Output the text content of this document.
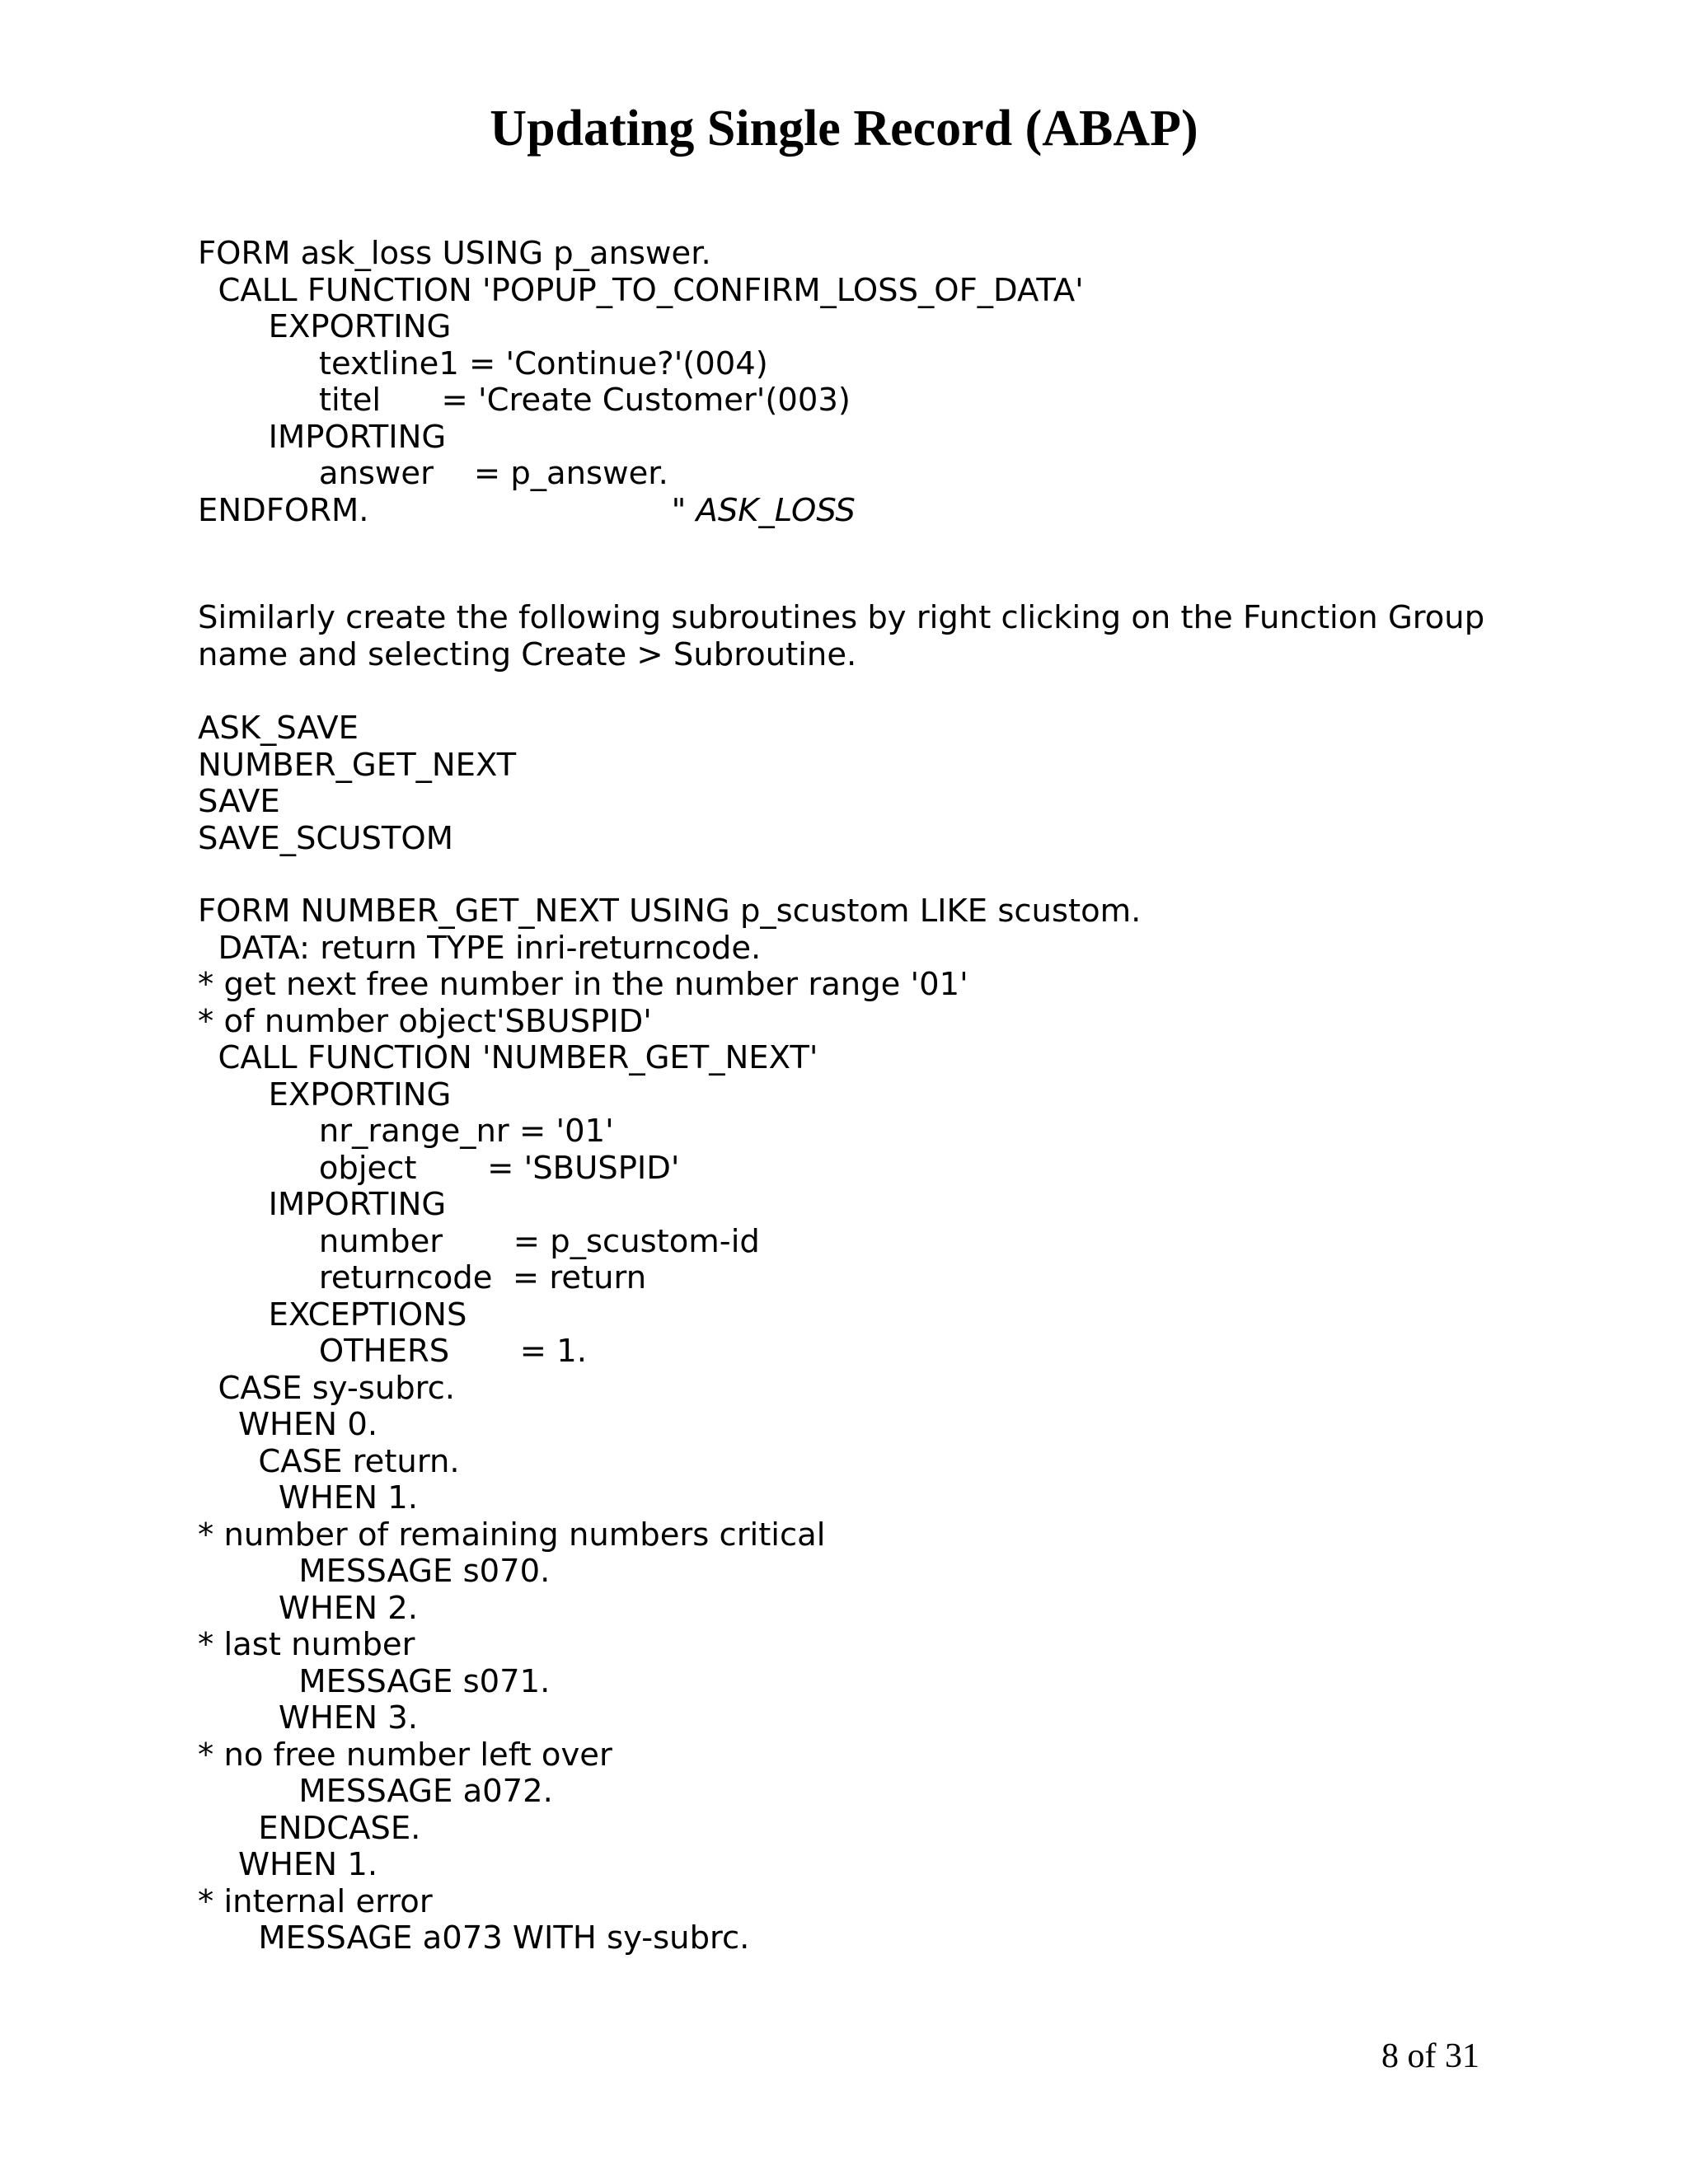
Updating Single Record (ABAP)
FORM ask_loss USING p_answer.
CALL FUNCTION 'POPUP_TO_CONFIRM_LOSS_OF_DATA'
EXPORTING
textline1 = 'Continue?'(004)
titel      = 'Create Customer'(003)
IMPORTING
answer    = p_answer.
ENDFORM.                              " ASK_LOSS
Similarly create the following subroutines by right clicking on the Function Group
name and selecting Create > Subroutine.
ASK_SAVE
NUMBER_GET_NEXT
SAVE
SAVE_SCUSTOM
FORM NUMBER_GET_NEXT USING p_scustom LIKE scustom.
DATA: return TYPE inri-returncode.
* get next free number in the number range '01'
* of number object'SBUSPID'
CALL FUNCTION 'NUMBER_GET_NEXT'
EXPORTING
nr_range_nr = '01'
object       = 'SBUSPID'
IMPORTING
number       = p_scustom-id
returncode  = return
EXCEPTIONS
OTHERS       = 1.
CASE sy-subrc.
WHEN 0.
CASE return.
WHEN 1.
* number of remaining numbers critical
MESSAGE s070.
WHEN 2.
* last number
MESSAGE s071.
WHEN 3.
* no free number left over
MESSAGE a072.
ENDCASE.
WHEN 1.
* internal error
MESSAGE a073 WITH sy-subrc.
8 of 31
